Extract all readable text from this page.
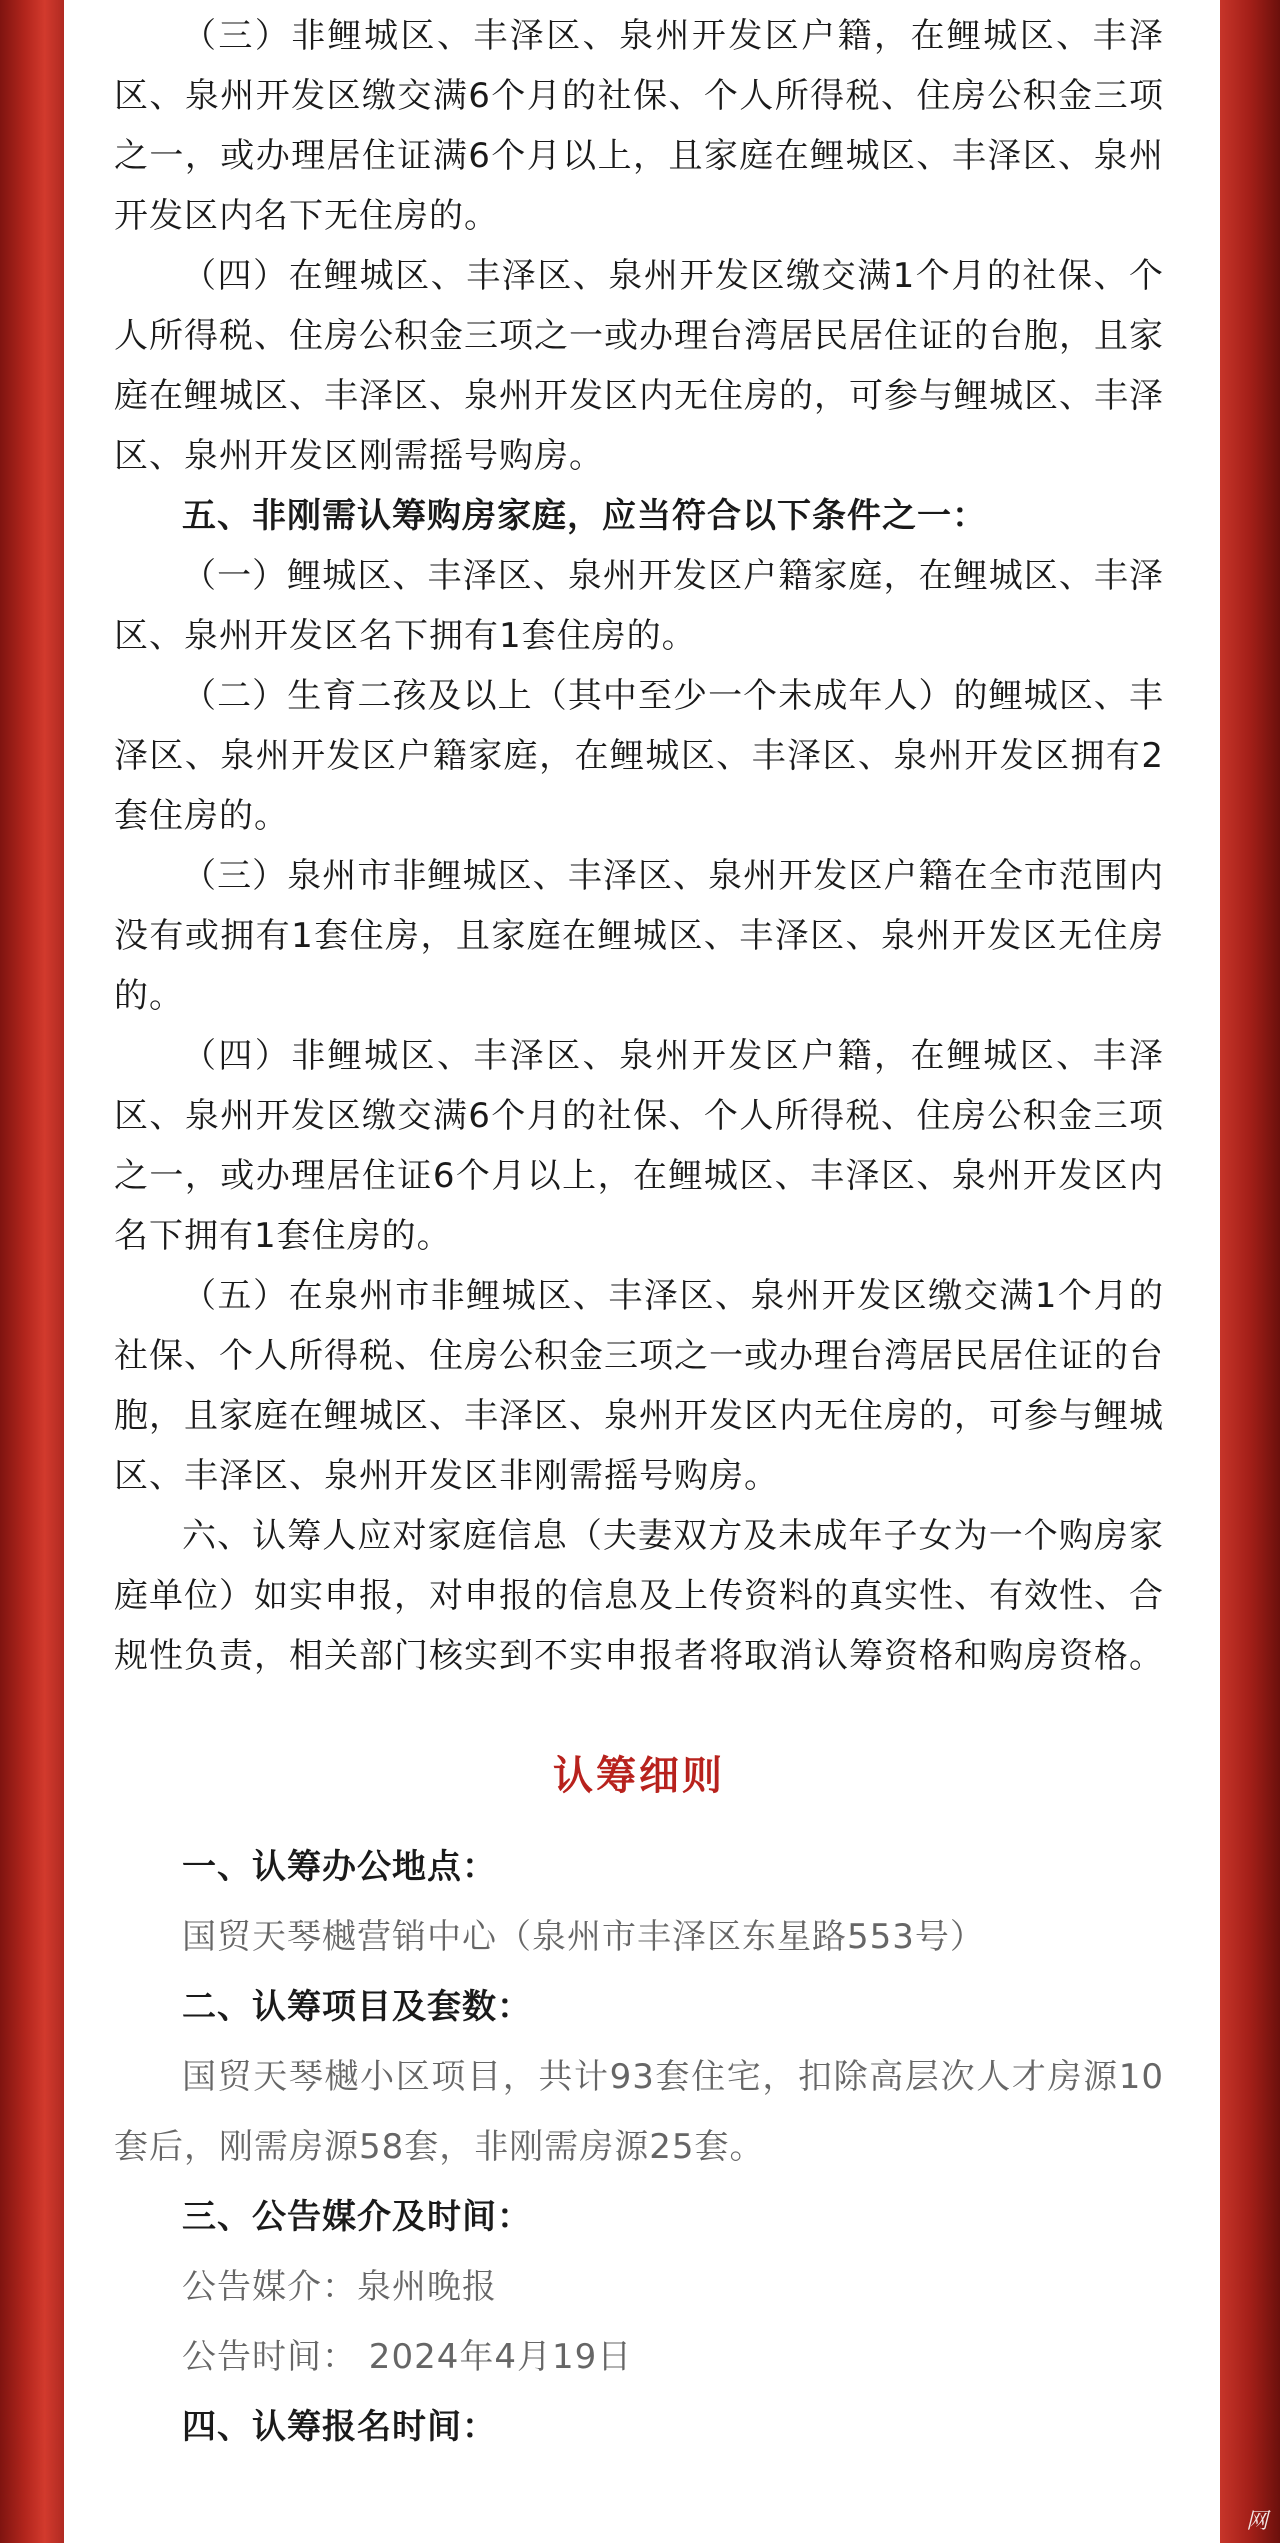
（三）非鲤城区、丰泽区、泉州开发区户籍，在鲤城区、丰泽区、泉州开发区缴交满6个月的社保、个人所得税、住房公积金三项之一，或办理居住证满6个月以上，且家庭在鲤城区、丰泽区、泉州开发区内名下无住房的。

（四）在鲤城区、丰泽区、泉州开发区缴交满1个月的社保、个人所得税、住房公积金三项之一或办理台湾居民居住证的台胞，且家庭在鲤城区、丰泽区、泉州开发区内无住房的，可参与鲤城区、丰泽区、泉州开发区刚需摇号购房。

五、非刚需认筹购房家庭，应当符合以下条件之一：

（一）鲤城区、丰泽区、泉州开发区户籍家庭，在鲤城区、丰泽区、泉州开发区名下拥有1套住房的。

（二）生育二孩及以上（其中至少一个未成年人）的鲤城区、丰泽区、泉州开发区户籍家庭，在鲤城区、丰泽区、泉州开发区拥有2套住房的。

（三）泉州市非鲤城区、丰泽区、泉州开发区户籍在全市范围内没有或拥有1套住房，且家庭在鲤城区、丰泽区、泉州开发区无住房的。

（四）非鲤城区、丰泽区、泉州开发区户籍，在鲤城区、丰泽区、泉州开发区缴交满6个月的社保、个人所得税、住房公积金三项之一，或办理居住证6个月以上，在鲤城区、丰泽区、泉州开发区内名下拥有1套住房的。

（五）在泉州市非鲤城区、丰泽区、泉州开发区缴交满1个月的社保、个人所得税、住房公积金三项之一或办理台湾居民居住证的台胞，且家庭在鲤城区、丰泽区、泉州开发区内无住房的，可参与鲤城区、丰泽区、泉州开发区非刚需摇号购房。

六、认筹人应对家庭信息（夫妻双方及未成年子女为一个购房家庭单位）如实申报，对申报的信息及上传资料的真实性、有效性、合规性负责，相关部门核实到不实申报者将取消认筹资格和购房资格。

认筹细则

一、认筹办公地点：

国贸天琴樾营销中心（泉州市丰泽区东星路553号）

二、认筹项目及套数：

国贸天琴樾小区项目，共计93套住宅，扣除高层次人才房源10套后，刚需房源58套，非刚需房源25套。

三、公告媒介及时间：

公告媒介：泉州晚报

公告时间： 2024年4月19日

四、认筹报名时间：

网
